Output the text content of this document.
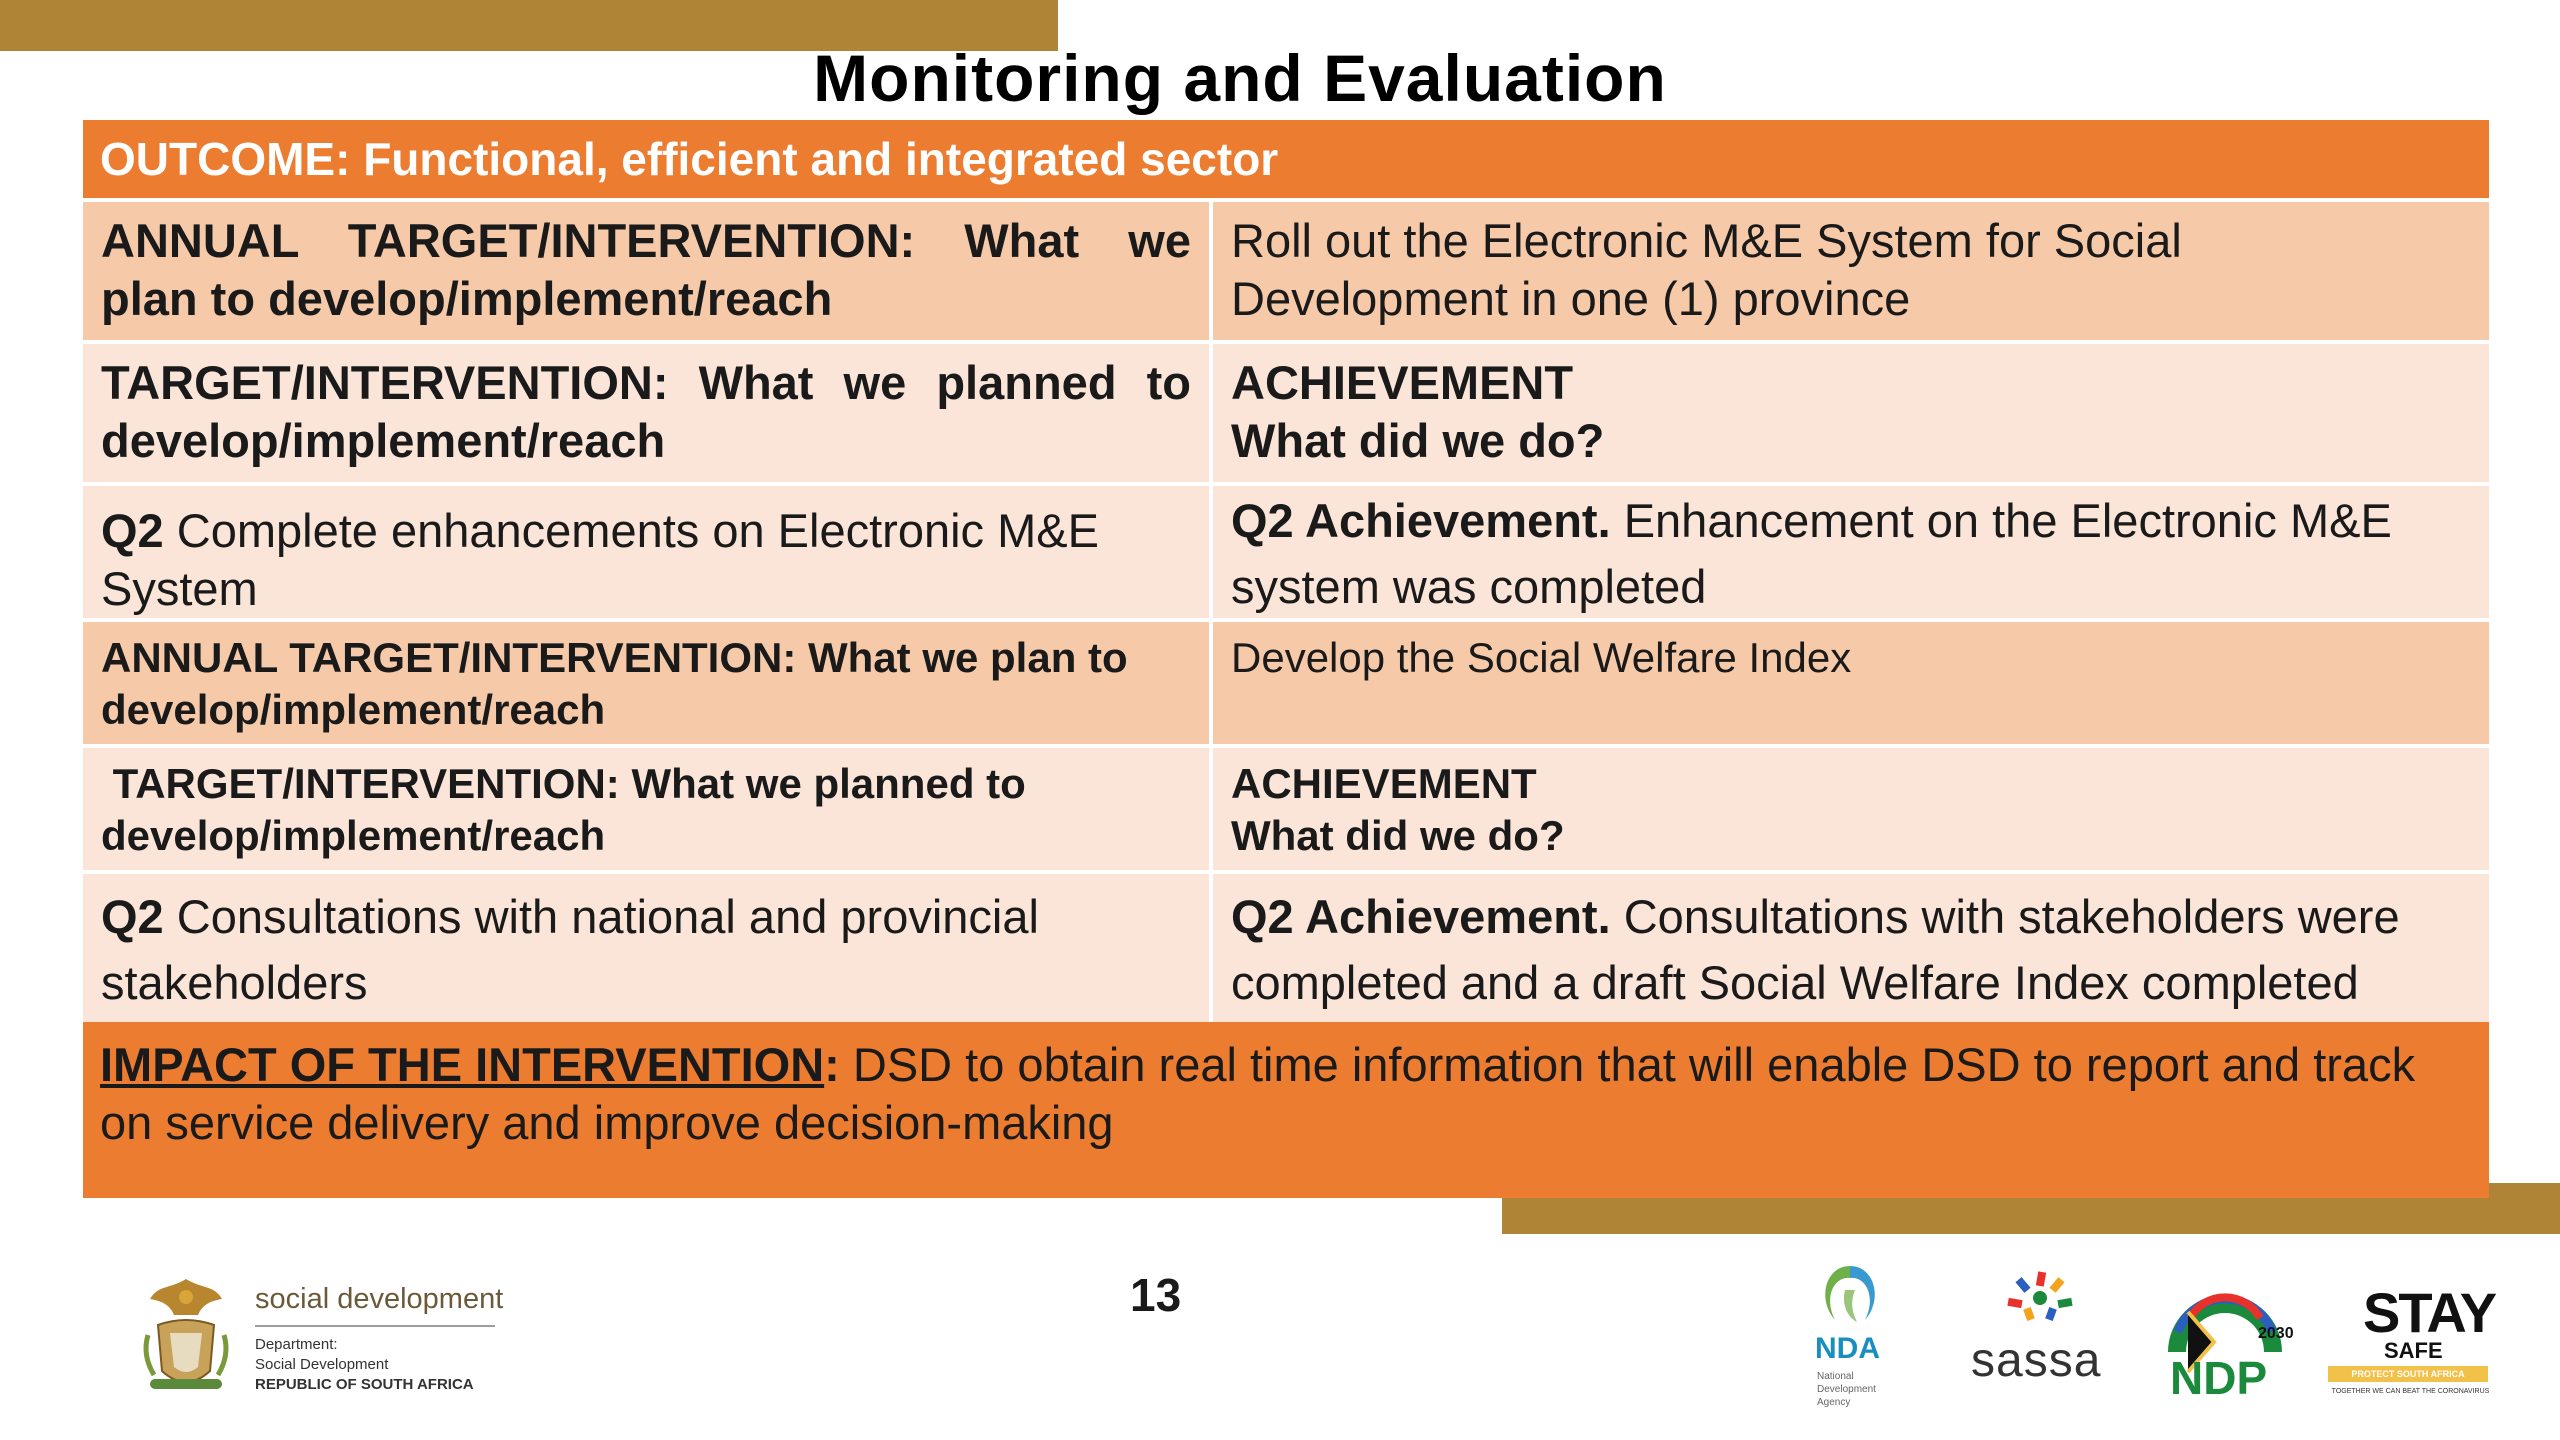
Monitoring and Evaluation
OUTCOME: Functional, efficient and integrated sector
ANNUAL TARGET/INTERVENTION: What we plan to develop/implement/reach
Roll out the Electronic M&E System for Social Development in one (1) province
TARGET/INTERVENTION: What we planned to develop/implement/reach
ACHIEVEMENT
What did we do?
Q2 Complete enhancements on Electronic M&E System
Q2 Achievement. Enhancement on the Electronic M&E system was completed
ANNUAL TARGET/INTERVENTION: What we plan to develop/implement/reach
Develop the Social Welfare Index
TARGET/INTERVENTION: What we planned to develop/implement/reach
ACHIEVEMENT
What did we do?
Q2 Consultations with national and provincial stakeholders
Q2 Achievement. Consultations with stakeholders were completed and a draft Social Welfare Index completed
IMPACT OF THE INTERVENTION: DSD to obtain real time information that will enable DSD to report and track on service delivery and improve decision-making
13
social development
Department:
Social Development
REPUBLIC OF SOUTH AFRICA
NDA
National Development Agency
sassa
2030
NDP
STAY
SAFE
PROTECT SOUTH AFRICA
TOGETHER WE CAN BEAT THE CORONAVIRUS
